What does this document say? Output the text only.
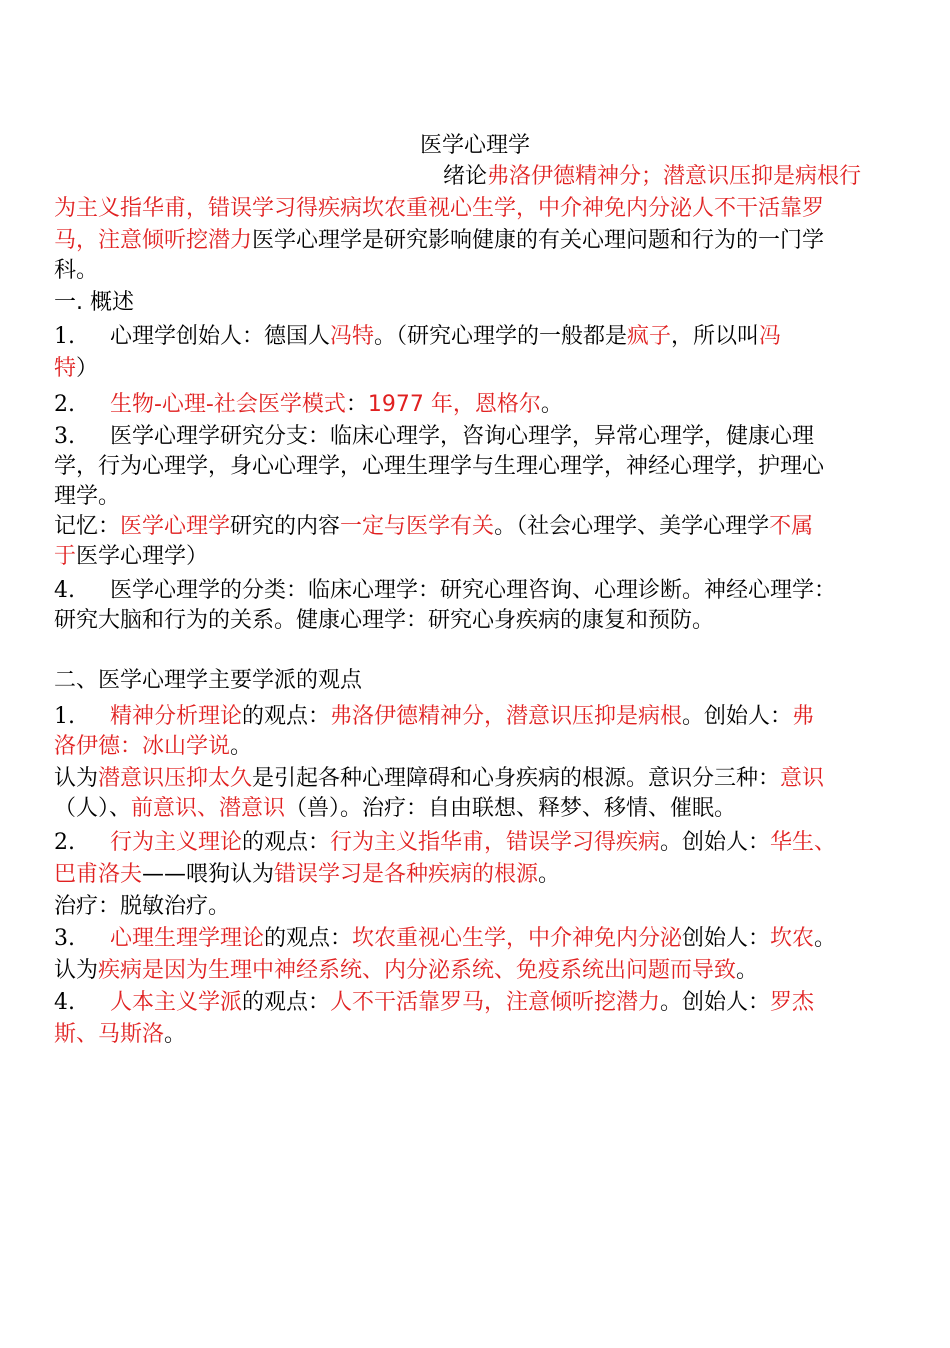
医学心理学
绪论弗洛伊德精神分；潜意识压抑是病根行
为主义指华甫，错误学习得疾病坎农重视心生学，中介神免内分泌人不干活靠罗
马，注意倾听挖潜力医学心理学是研究影响健康的有关心理问题和行为的一门学
科。
一. 概述
1.     心理学创始人：德国人冯特。（研究心理学的一般都是疯子，所以叫冯
特）
2.     生物-心理-社会医学模式：1977 年，恩格尔。
3.     医学心理学研究分支：临床心理学，咨询心理学，异常心理学，健康心理
学，行为心理学，身心心理学，心理生理学与生理心理学，神经心理学，护理心
理学。
记忆：医学心理学研究的内容一定与医学有关。（社会心理学、美学心理学不属
于医学心理学）
4.     医学心理学的分类：临床心理学：研究心理咨询、心理诊断。神经心理学：
研究大脑和行为的关系。健康心理学：研究心身疾病的康复和预防。
二、医学心理学主要学派的观点
1.     精神分析理论的观点：弗洛伊德精神分，潜意识压抑是病根。创始人：弗
洛伊德：冰山学说。
认为潜意识压抑太久是引起各种心理障碍和心身疾病的根源。意识分三种：意识
（人）、前意识、潜意识（兽）。治疗：自由联想、释梦、移情、催眠。
2.     行为主义理论的观点：行为主义指华甫，错误学习得疾病。创始人：华生、
巴甫洛夫——喂狗认为错误学习是各种疾病的根源。
治疗：脱敏治疗。
3.     心理生理学理论的观点：坎农重视心生学，中介神免内分泌创始人：坎农。
认为疾病是因为生理中神经系统、内分泌系统、免疫系统出问题而导致。
4.     人本主义学派的观点：人不干活靠罗马，注意倾听挖潜力。创始人：罗杰
斯、马斯洛。
